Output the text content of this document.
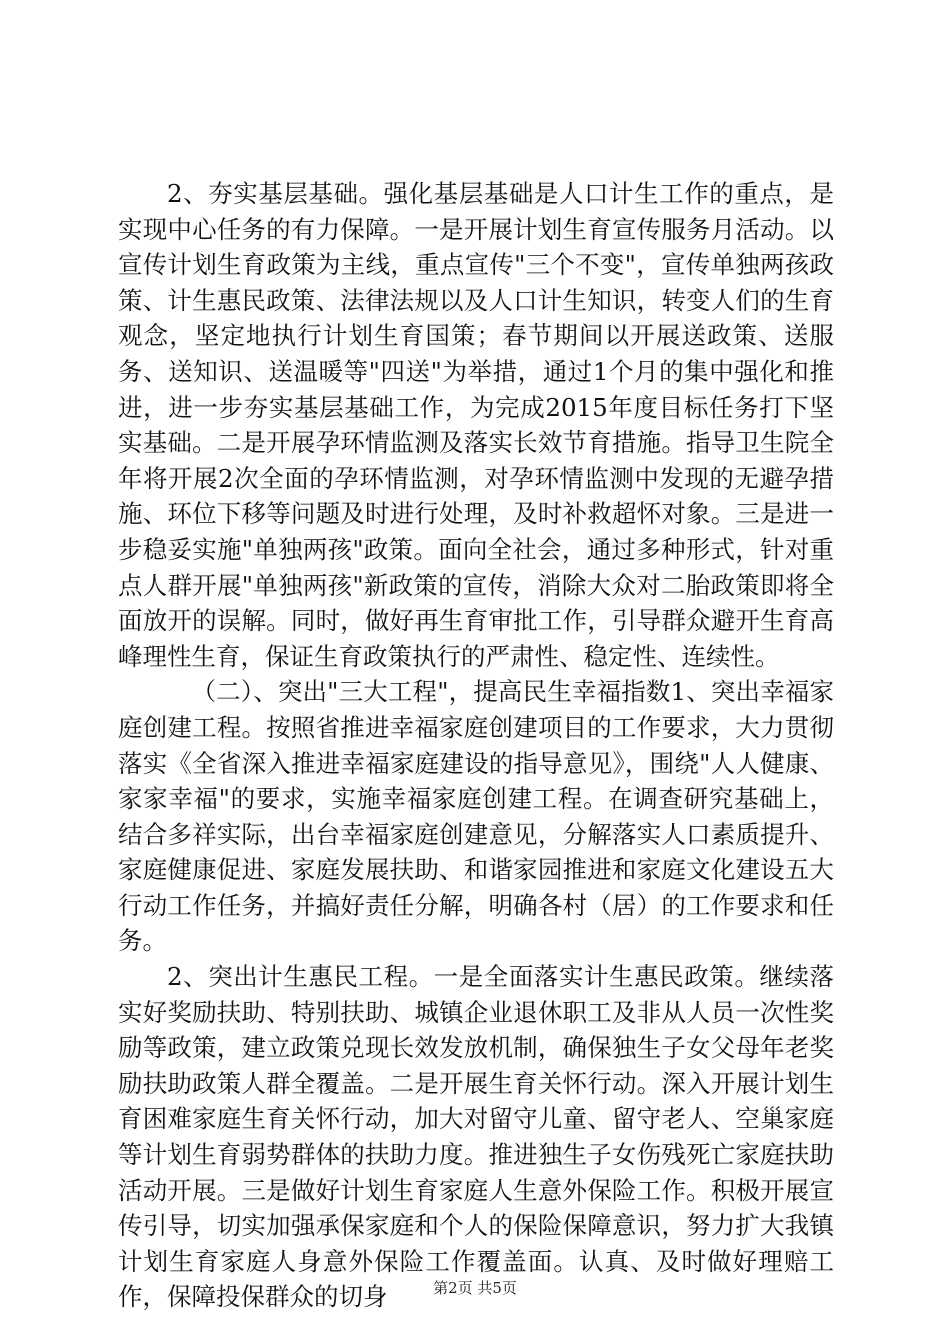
2、夯实基层基础。强化基层基础是人口计生工作的重点，是实现中心任务的有力保障。一是开展计划生育宣传服务月活动。以宣传计划生育政策为主线，重点宣传"三个不变"，宣传单独两孩政策、计生惠民政策、法律法规以及人口计生知识，转变人们的生育观念，坚定地执行计划生育国策；春节期间以开展送政策、送服务、送知识、送温暖等"四送"为举措，通过1个月的集中强化和推进，进一步夯实基层基础工作，为完成2015年度目标任务打下坚实基础。二是开展孕环情监测及落实长效节育措施。指导卫生院全年将开展2次全面的孕环情监测，对孕环情监测中发现的无避孕措施、环位下移等问题及时进行处理，及时补救超怀对象。三是进一步稳妥实施"单独两孩"政策。面向全社会，通过多种形式，针对重点人群开展"单独两孩"新政策的宣传，消除大众对二胎政策即将全面放开的误解。同时，做好再生育审批工作，引导群众避开生育高峰理性生育，保证生育政策执行的严肃性、稳定性、连续性。

（二）、突出"三大工程"，提高民生幸福指数1、突出幸福家庭创建工程。按照省推进幸福家庭创建项目的工作要求，大力贯彻落实《全省深入推进幸福家庭建设的指导意见》，围绕"人人健康、家家幸福"的要求，实施幸福家庭创建工程。在调查研究基础上，结合多祥实际，出台幸福家庭创建意见，分解落实人口素质提升、家庭健康促进、家庭发展扶助、和谐家园推进和家庭文化建设五大行动工作任务，并搞好责任分解，明确各村（居）的工作要求和任务。

2、突出计生惠民工程。一是全面落实计生惠民政策。继续落实好奖励扶助、特别扶助、城镇企业退休职工及非从人员一次性奖励等政策，建立政策兑现长效发放机制，确保独生子女父母年老奖励扶助政策人群全覆盖。二是开展生育关怀行动。深入开展计划生育困难家庭生育关怀行动，加大对留守儿童、留守老人、空巢家庭等计划生育弱势群体的扶助力度。推进独生子女伤残死亡家庭扶助活动开展。三是做好计划生育家庭人生意外保险工作。积极开展宣传引导，切实加强承保家庭和个人的保险保障意识，努力扩大我镇计划生育家庭人身意外保险工作覆盖面。认真、及时做好理赔工作，保障投保群众的切身	第2页 共5页
